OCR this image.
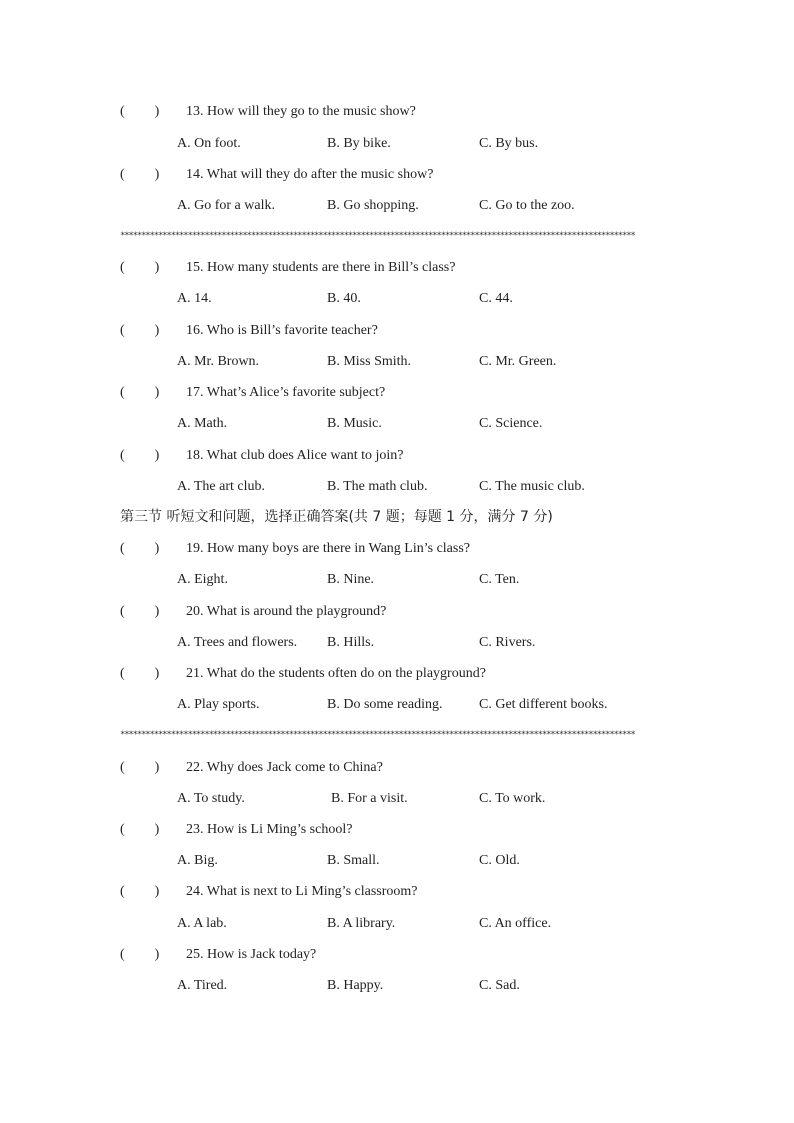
( ) 13. How will they go to the music show?
A. On foot.	B. By bike.	C. By bus.
( ) 14. What will they do after the music show?
A. Go for a walk.	B. Go shopping.	C. Go to the zoo.
**************************************************************************************************************************
( ) 15. How many students are there in Bill’s class?
A. 14.	B. 40.	C. 44.
( ) 16. Who is Bill’s favorite teacher?
A. Mr. Brown.	B. Miss Smith.	C. Mr. Green.
( ) 17. What’s Alice’s favorite subject?
A. Math.	B. Music.	C. Science.
( ) 18. What club does Alice want to join?
A. The art club.	B. The math club.	C. The music club.
第三节 听短文和问题，选择正确答案(共 7 题；每题 1 分，满分 7 分)
( ) 19. How many boys are there in Wang Lin’s class?
A. Eight.	B. Nine.	C. Ten.
( ) 20. What is around the playground?
A. Trees and flowers. B. Hills.	C. Rivers.
( ) 21. What do the students often do on the playground?
A. Play sports.	B. Do some reading.	C. Get different books.
**************************************************************************************************************************
( ) 22. Why does Jack come to China?
A. To study.	B. For a visit.	C. To work.
( ) 23. How is Li Ming’s school?
A. Big.	B. Small.	C. Old.
( ) 24. What is next to Li Ming’s classroom?
A. A lab.	B. A library.	C. An office.
( ) 25. How is Jack today?
A. Tired.	B. Happy.	C. Sad.
